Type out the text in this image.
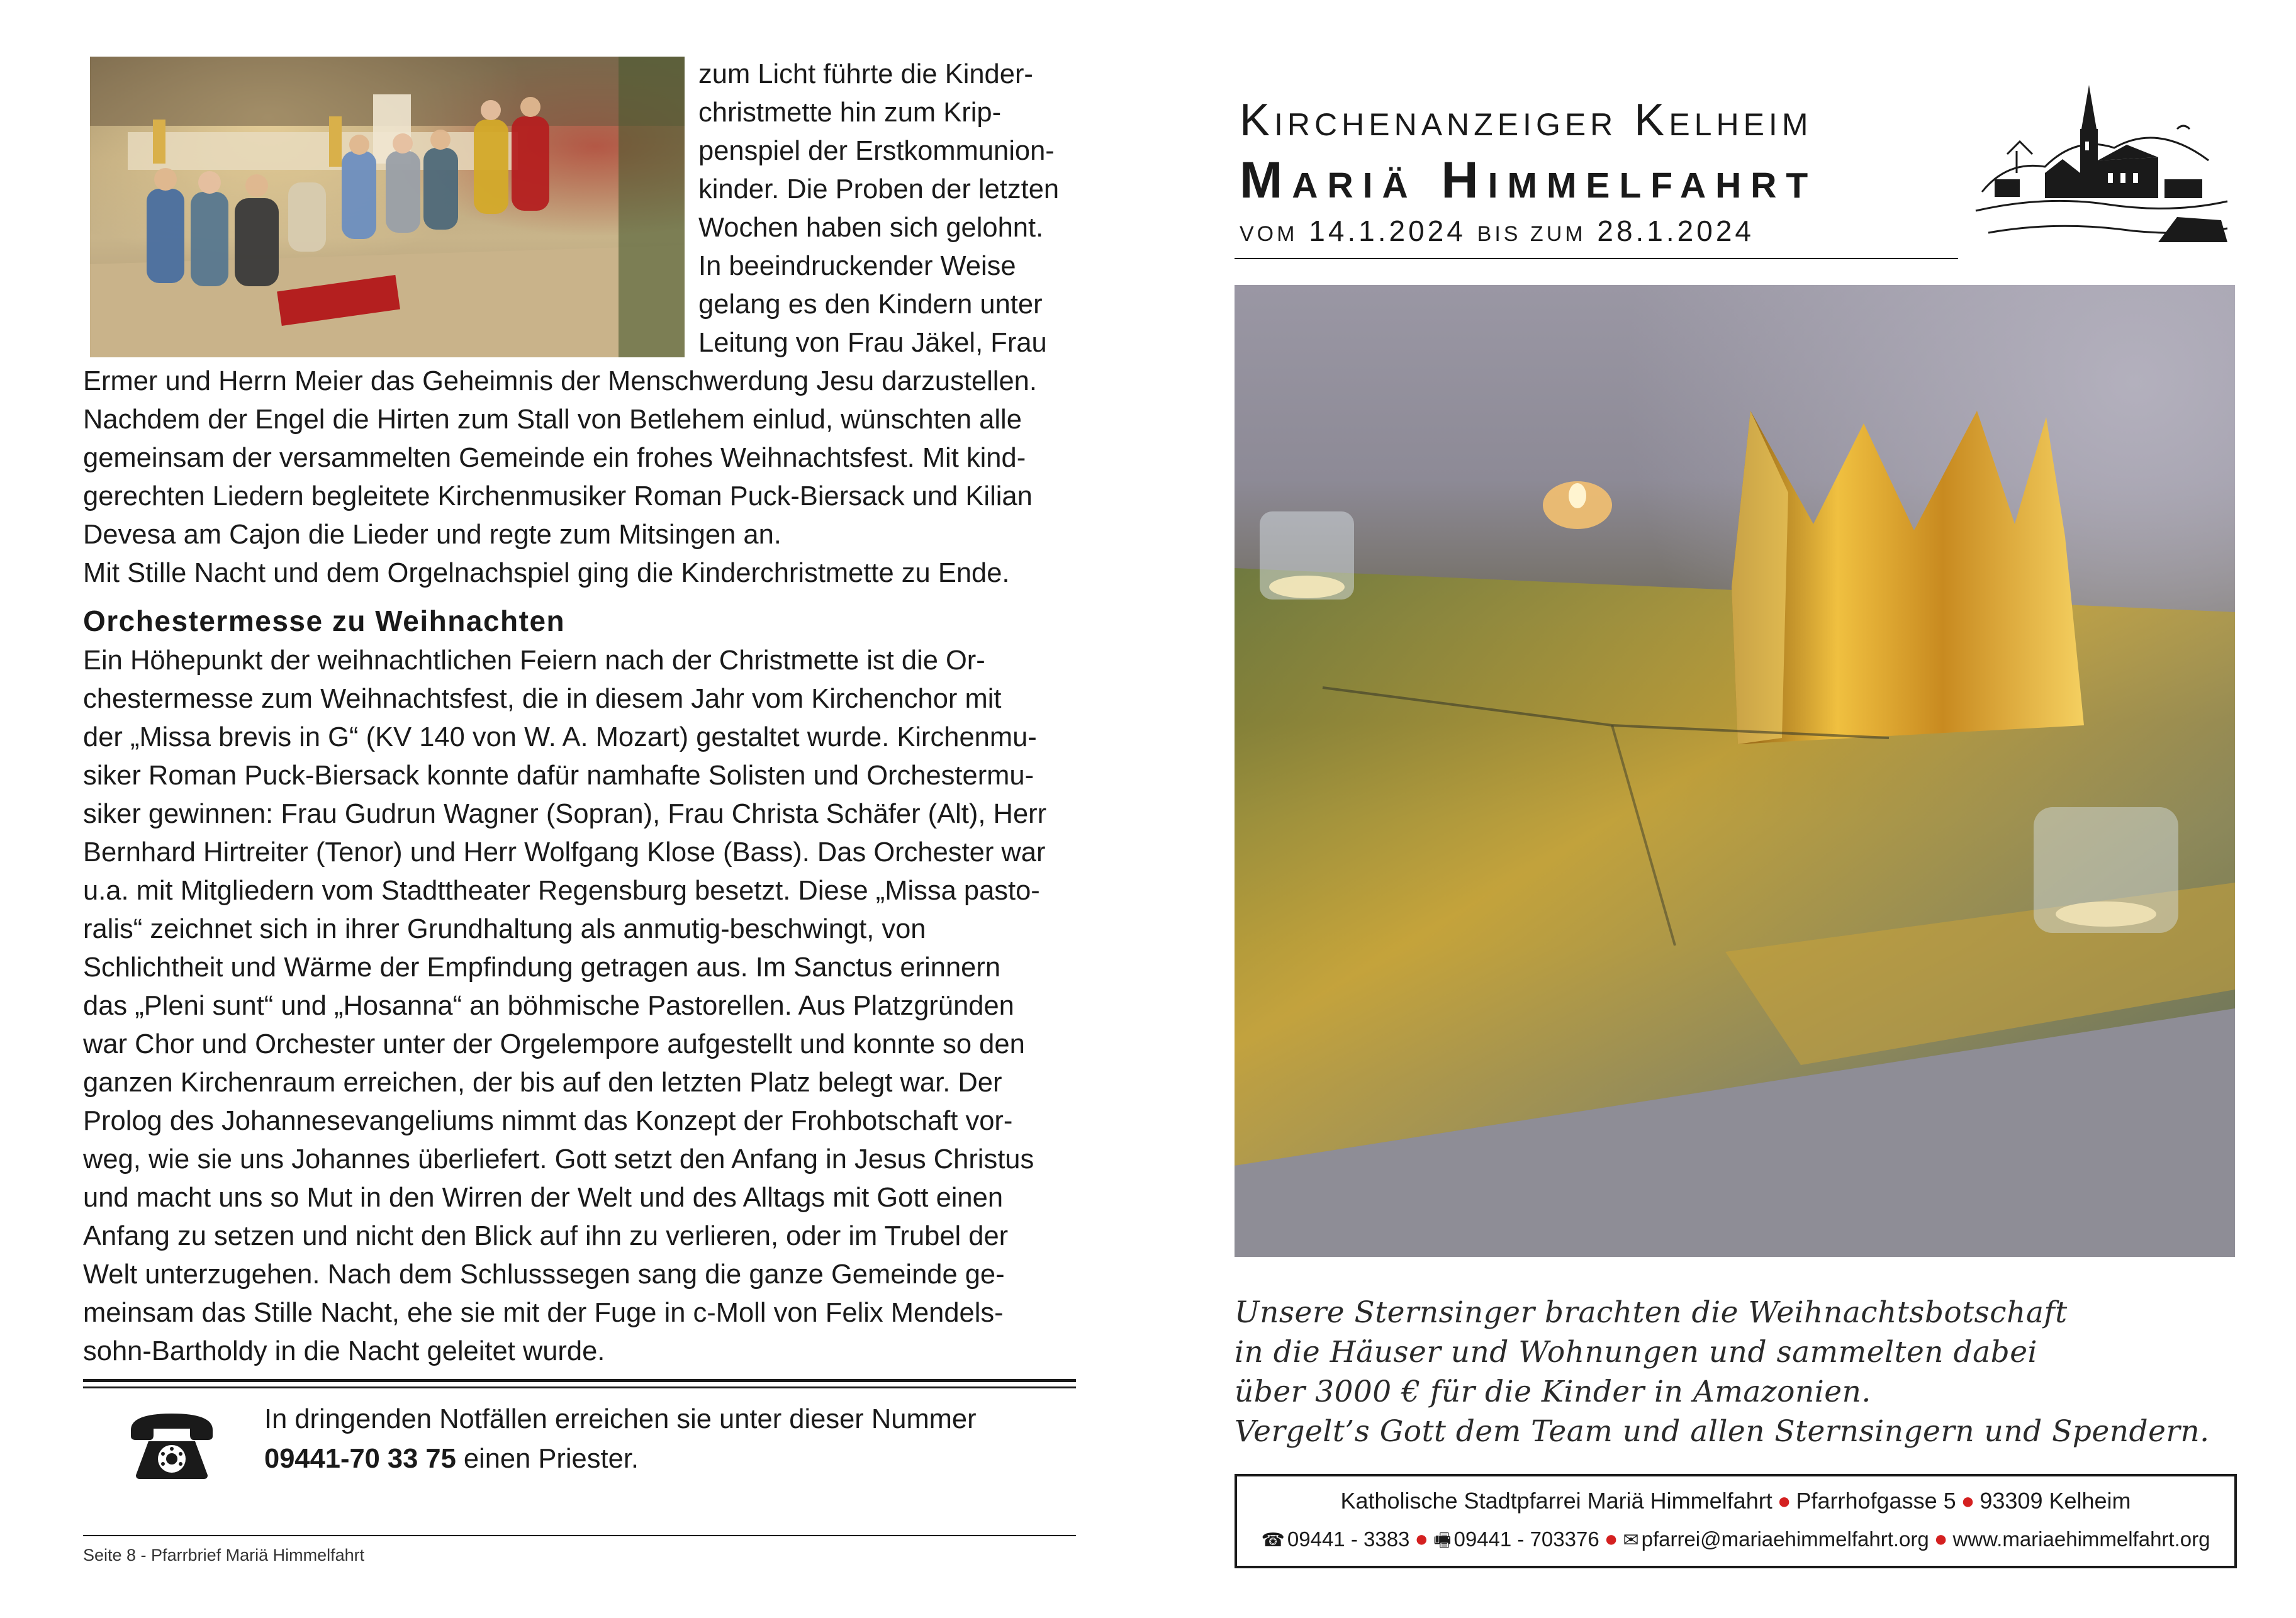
zum Licht führte die Kinder-
christmette hin zum Krip-
penspiel der Erstkommunion-
kinder. Die Proben der letzten
Wochen haben sich gelohnt.
In beeindruckender Weise
gelang es den Kindern unter
Leitung von Frau Jäkel, Frau
Ermer und Herrn Meier das Geheimnis der Menschwerdung Jesu darzustellen.
Nachdem der Engel die Hirten zum Stall von Betlehem einlud, wünschten alle
gemeinsam der versammelten Gemeinde ein frohes Weihnachtsfest. Mit kind-
gerechten Liedern begleitete Kirchenmusiker Roman Puck-Biersack und Kilian
Devesa am Cajon die Lieder und regte zum Mitsingen an.
Mit Stille Nacht und dem Orgelnachspiel ging die Kinderchristmette zu Ende.
Orchestermesse zu Weihnachten
Ein Höhepunkt der weihnachtlichen Feiern nach der Christmette ist die Or-
chestermesse zum Weihnachtsfest, die in diesem Jahr vom Kirchenchor mit
der „Missa brevis in G“ (KV 140 von W. A. Mozart) gestaltet wurde. Kirchenmu-
siker Roman Puck-Biersack konnte dafür namhafte Solisten und Orchestermu-
siker gewinnen: Frau Gudrun Wagner (Sopran), Frau Christa Schäfer (Alt), Herr
Bernhard Hirtreiter (Tenor) und Herr Wolfgang Klose (Bass). Das Orchester war
u.a. mit Mitgliedern vom Stadttheater Regensburg besetzt. Diese „Missa pasto-
ralis“ zeichnet sich in ihrer Grundhaltung als anmutig-beschwingt, von
Schlichtheit und Wärme der Empfindung getragen aus. Im Sanctus erinnern
das „Pleni sunt“ und „Hosanna“ an böhmische Pastorellen. Aus Platzgründen
war Chor und Orchester unter der Orgelempore aufgestellt und konnte so den
ganzen Kirchenraum erreichen, der bis auf den letzten Platz belegt war. Der
Prolog des Johannesevangeliums nimmt das Konzept der Frohbotschaft vor-
weg, wie sie uns Johannes überliefert. Gott setzt den Anfang in Jesus Christus
und macht uns so Mut in den Wirren der Welt und des Alltags mit Gott einen
Anfang zu setzen und nicht den Blick auf ihn zu verlieren, oder im Trubel der
Welt unterzugehen. Nach dem Schlusssegen sang die ganze Gemeinde ge-
meinsam das Stille Nacht, ehe sie mit der Fuge in c-Moll von Felix Mendels-
sohn-Bartholdy in die Nacht geleitet wurde.
In dringenden Notfällen erreichen sie unter dieser Nummer
09441-70 33 75 einen Priester.
Seite 8 - Pfarrbrief Mariä Himmelfahrt
Kirchenanzeiger Kelheim
Mariä Himmelfahrt
VOM 14.1.2024 BIS ZUM 28.1.2024
Unsere Sternsinger brachten die Weihnachtsbotschaft
in die Häuser und Wohnungen und sammelten dabei
über 3000 € für die Kinder in Amazonien.
Vergelt’s Gott dem Team und allen Sternsingern und Spendern.
Katholische Stadtpfarrei Mariä Himmelfahrt ● Pfarrhofgasse 5 ● 93309 Kelheim
☎ 09441 - 3383 ● 🖷 09441 - 703376 ● ✉ pfarrei@mariaehimmelfahrt.org ● www.mariaehimmelfahrt.org
